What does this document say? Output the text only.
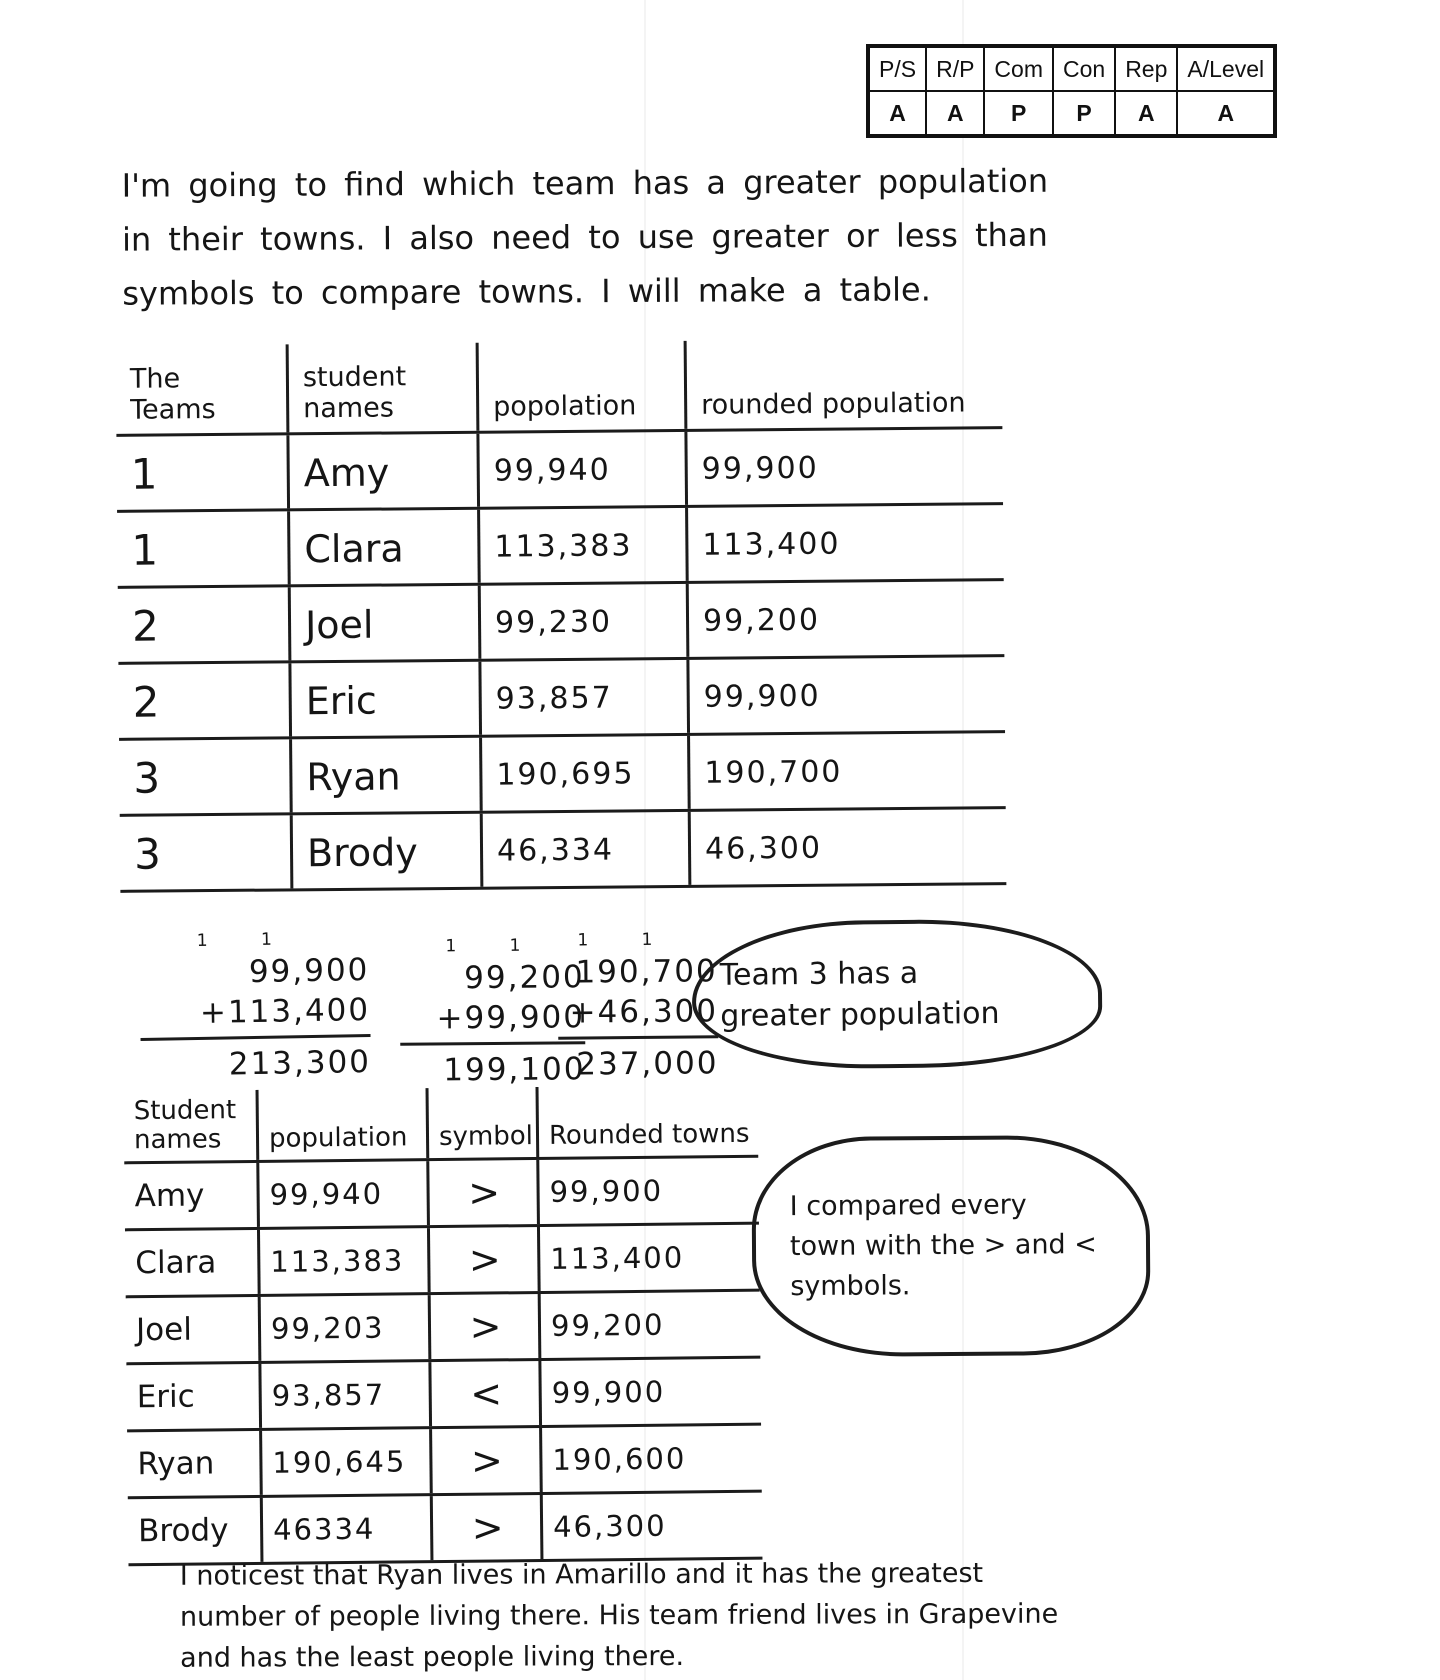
P/S	R/P	Com	Con	Rep	A/Level
A	A	P	P	A	A
I'm going to find which team has a greater population
in their towns. I also need to use greater or less than
symbols to compare towns. I will make a table.
The
Teams
student
names	popolation	rounded population
1	Amy	99,940	99,900
1	Clara	113,383	113,400
2	Joel	99,230	99,200
2	Eric	93,857	99,900
3	Ryan	190,695	190,700
3	Brody	46,334	46,300
1 1
99,900
+113,400
213,300
1 1
99,200
+99,900
199,100
1 1
190,700
+46,300
237,000
Team 3 has a
greater population
Student
names	population	symbol Rounded towns
Amy	99,940	>	99,900
Clara	113,383	>	113,400
Joel	99,203	>	99,200
Eric	93,857	<	99,900
Ryan	190,645	>	190,600
Brody	46334	>	46,300
I compared every
town with the > and <
symbols.
I noticest that Ryan lives in Amarillo and it has the greatest
number of people living there. His team friend lives in Grapevine
and has the least people living there.
